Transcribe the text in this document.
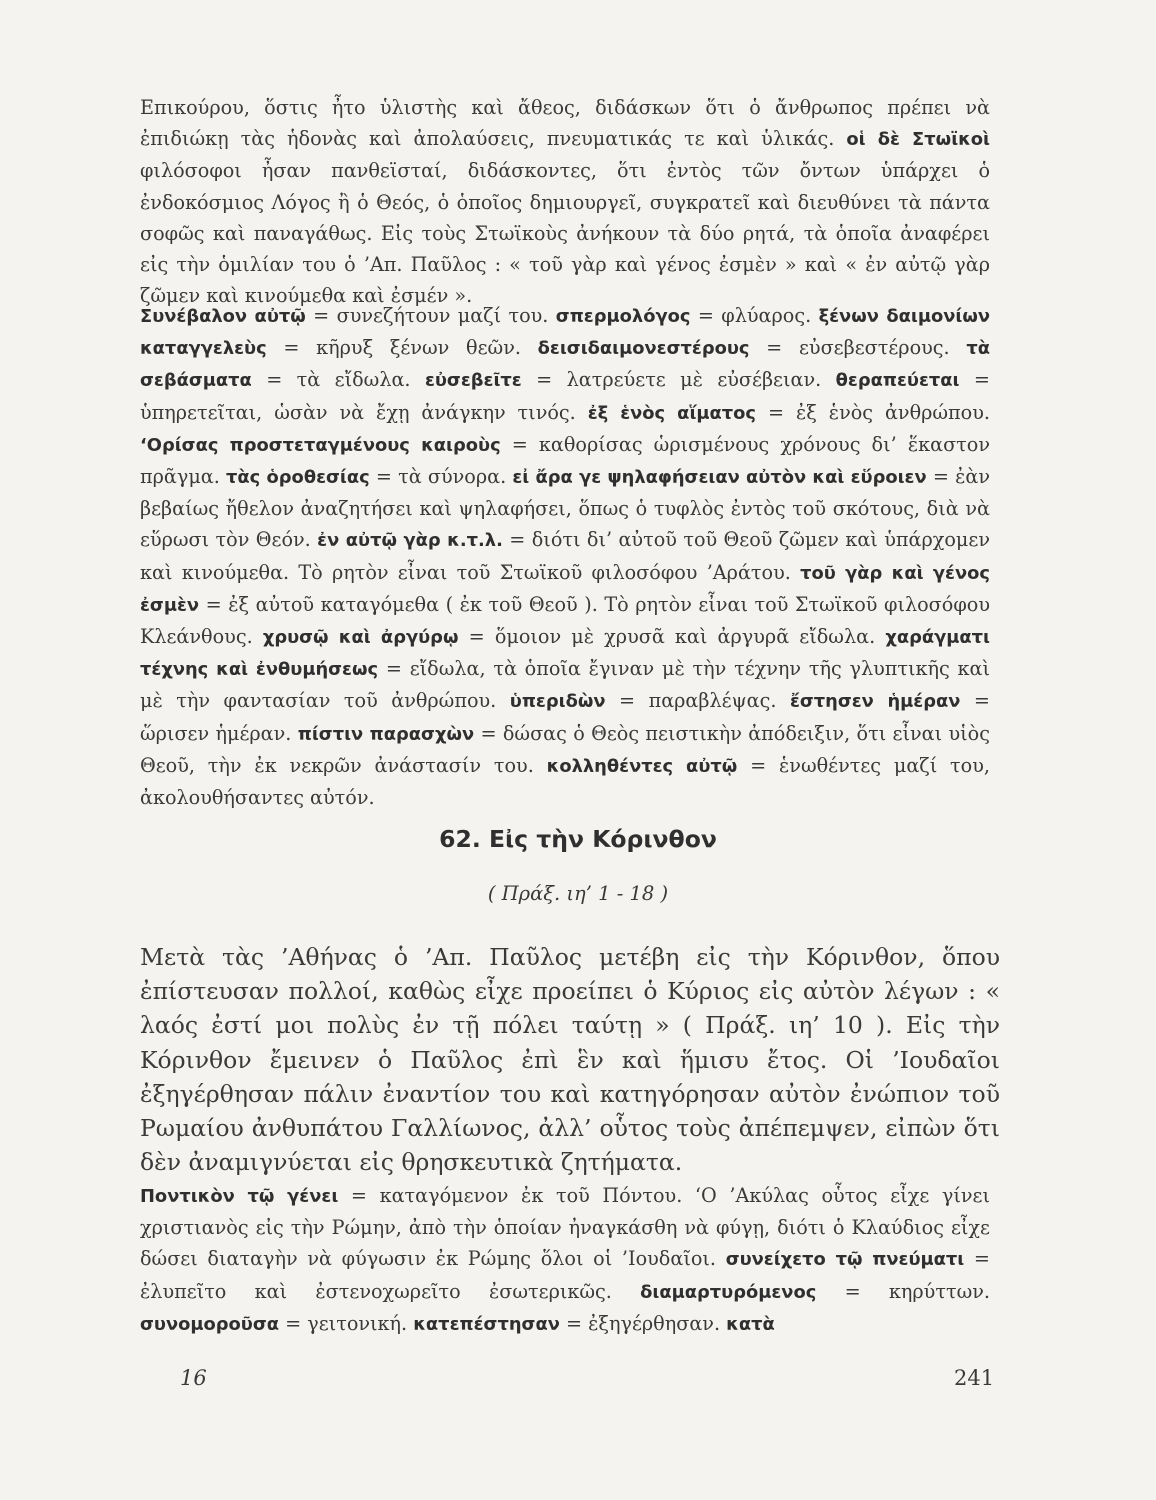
Επικούρου, ὅστις ἦτο ὑλιστὴς καὶ ἄθεος, διδάσκων ὅτι ὁ ἄνθρωπος πρέπει νὰ ἐπιδιώκῃ τὰς ἡδονὰς καὶ ἀπολαύσεις, πνευματικάς τε καὶ ὑλικάς. οἱ δὲ Στωϊκοὶ φιλόσοφοι ἦσαν πανθεϊσταί, διδάσκοντες, ὅτι ἐντὸς τῶν ὄντων ὑπάρχει ὁ ἐνδοκόσμιος Λόγος ἢ ὁ Θεός, ὁ ὁποῖος δημιουργεῖ, συγκρατεῖ καὶ διευθύνει τὰ πάντα σοφῶς καὶ παναγάθως. Εἰς τοὺς Στωϊκοὺς ἀνήκουν τὰ δύο ρητά, τὰ ὁποῖα ἀναφέρει εἰς τὴν ὁμιλίαν του ὁ ’Απ. Παῦλος : « τοῦ γὰρ καὶ γένος ἐσμὲν » καὶ « ἐν αὐτῷ γὰρ ζῶμεν καὶ κινούμεθα καὶ ἐσμέν ».

Συνέβαλον αὐτῷ = συνεζήτουν μαζί του. σπερμολόγος = φλύαρος. ξένων δαιμονίων καταγγελεὺς = κῆρυξ ξένων θεῶν. δεισιδαιμονεστέρους = εὐσεβεστέρους. τὰ σεβάσματα = τὰ εἴδωλα. εὐσεβεῖτε = λατρεύετε μὲ εὐσέβειαν. θεραπεύεται = ὑπηρετεῖται, ὡσὰν νὰ ἔχῃ ἀνάγκην τινός. ἐξ ἑνὸς αἵματος = ἐξ ἑνὸς ἀνθρώπου. ‘Ορίσας προστεταγμένους καιροὺς = καθορίσας ὡρισμένους χρόνους δι’ ἕκαστον πρᾶγμα. τὰς ὁροθεσίας = τὰ σύνορα. εἰ ἄρα γε ψηλαφήσειαν αὐτὸν καὶ εὕροιεν = ἐὰν βεβαίως ἤθελον ἀναζητήσει καὶ ψηλαφήσει, ὅπως ὁ τυφλὸς ἐντὸς τοῦ σκότους, διὰ νὰ εὕρωσι τὸν Θεόν. ἐν αὐτῷ γὰρ κ.τ.λ. = διότι δι’ αὐτοῦ τοῦ Θεοῦ ζῶμεν καὶ ὑπάρχομεν καὶ κινούμεθα. Τὸ ρητὸν εἶναι τοῦ Στωϊκοῦ φιλοσόφου ’Αράτου. τοῦ γὰρ καὶ γένος ἐσμὲν = ἐξ αὐτοῦ καταγόμεθα ( ἐκ τοῦ Θεοῦ ). Τὸ ρητὸν εἶναι τοῦ Στωϊκοῦ φιλοσόφου Κλεάνθους. χρυσῷ καὶ ἀργύρῳ = ὅμοιον μὲ χρυσᾶ καὶ ἀργυρᾶ εἴδωλα. χαράγματι τέχνης καὶ ἐνθυμήσεως = εἴδωλα, τὰ ὁποῖα ἔγιναν μὲ τὴν τέχνην τῆς γλυπτικῆς καὶ μὲ τὴν φαντασίαν τοῦ ἀνθρώπου. ὑπεριδὼν = παραβλέψας. ἔστησεν ἡμέραν = ὥρισεν ἡμέραν. πίστιν παρασχὼν = δώσας ὁ Θεὸς πειστικὴν ἀπόδειξιν, ὅτι εἶναι υἱὸς Θεοῦ, τὴν ἐκ νεκρῶν ἀνάστασίν του. κολληθέντες αὐτῷ = ἑνωθέντες μαζί του, ἀκολουθήσαντες αὐτόν.

62. Εἰς τὴν Κόρινθον

( Πράξ. ιη’ 1 - 18 )

Μετὰ τὰς ’Αθήνας ὁ ’Απ. Παῦλος μετέβη εἰς τὴν Κόρινθον, ὅπου ἐπίστευσαν πολλοί, καθὼς εἶχε προείπει ὁ Κύριος εἰς αὐτὸν λέγων : « λαός ἐστί μοι πολὺς ἐν τῇ πόλει ταύτῃ » ( Πράξ. ιη’ 10 ). Εἰς τὴν Κόρινθον ἔμεινεν ὁ Παῦλος ἐπὶ ἓν καὶ ἥμισυ ἔτος. Οἱ ’Ιουδαῖοι ἐξηγέρθησαν πάλιν ἐναντίον του καὶ κατηγόρησαν αὐτὸν ἐνώπιον τοῦ Ρωμαίου ἀνθυπάτου Γαλλίωνος, ἀλλ’ οὗτος τοὺς ἀπέπεμψεν, εἰπὼν ὅτι δὲν ἀναμιγνύεται εἰς θρησκευτικὰ ζητήματα.

Ποντικὸν τῷ γένει = καταγόμενον ἐκ τοῦ Πόντου. ‘Ο ’Ακύλας οὗτος εἶχε γίνει χριστιανὸς εἰς τὴν Ρώμην, ἀπὸ τὴν ὁποίαν ἠναγκάσθη νὰ φύγῃ, διότι ὁ Κλαύδιος εἶχε δώσει διαταγὴν νὰ φύγωσιν ἐκ Ρώμης ὅλοι οἱ ’Ιουδαῖοι. συνείχετο τῷ πνεύματι = ἐλυπεῖτο καὶ ἐστενοχωρεῖτο ἐσωτερικῶς. διαμαρτυρόμενος = κηρύττων. συνομοροῦσα = γειτονική. κατεπέστησαν = ἐξηγέρθησαν. κατὰ

16	241
